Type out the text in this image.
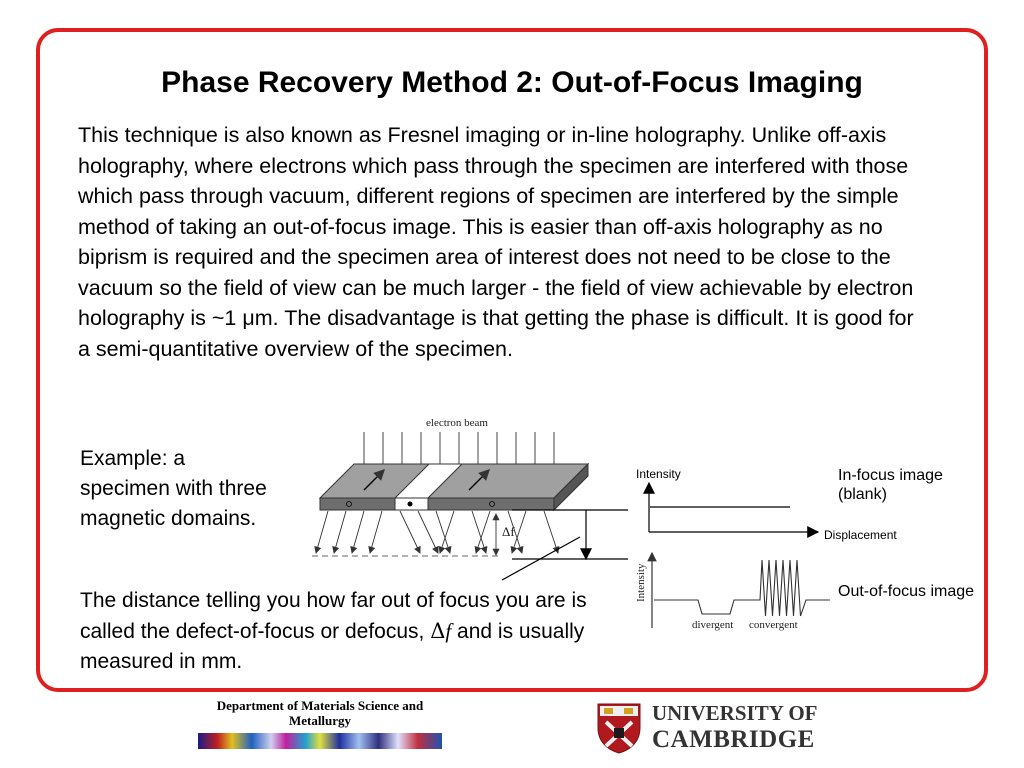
Phase Recovery Method 2: Out-of-Focus Imaging

This technique is also known as Fresnel imaging or in-line holography. Unlike off-axis holography, where electrons which pass through the specimen are interfered with those which pass through vacuum, different regions of specimen are interfered by the simple method of taking an out-of-focus image. This is easier than off-axis holography as no biprism is required and the specimen area of interest does not need to be close to the vacuum so the field of view can be much larger - the field of view achievable by electron holography is ~1 μm. The disadvantage is that getting the phase is difficult. It is good for a semi-quantitative overview of the specimen.

Example: a specimen with three magnetic domains.

The distance telling you how far out of focus you are is called the defect-of-focus or defocus, Δf and is usually measured in mm.

electron beam
Δf
Intensity
divergent convergent
Intensity
Displacement
In-focus image (blank)
Out-of-focus image
Department of Materials Science and Metallurgy	UNIVERSITY OF
CAMBRIDGE
